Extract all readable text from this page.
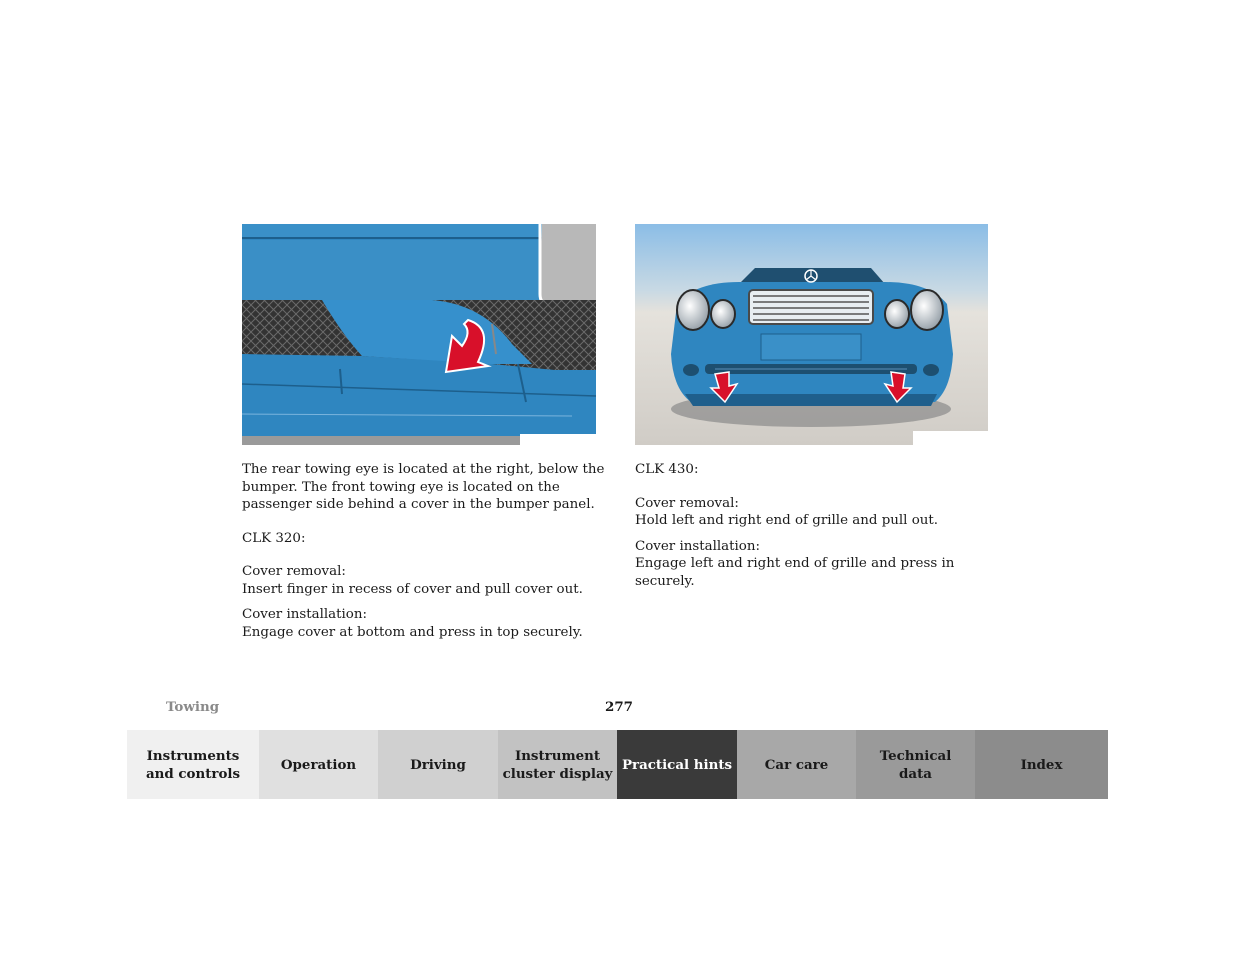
The rear towing eye is located at the right, below the bumper. The front towing eye is located on the passenger side behind a cover in the bumper panel.

CLK 320:

Cover removal:

Insert finger in recess of cover and pull cover out.

Cover installation:

Engage cover at bottom and press in top securely.

CLK 430:

Cover removal:

Hold left and right end of grille and pull out.

Cover installation:

Engage left and right end of grille and press in securely.

Towing	277
Instruments
and controls
Operation	Driving
Instrument
cluster display
Practical hints	Car care
Technical
data
Index
